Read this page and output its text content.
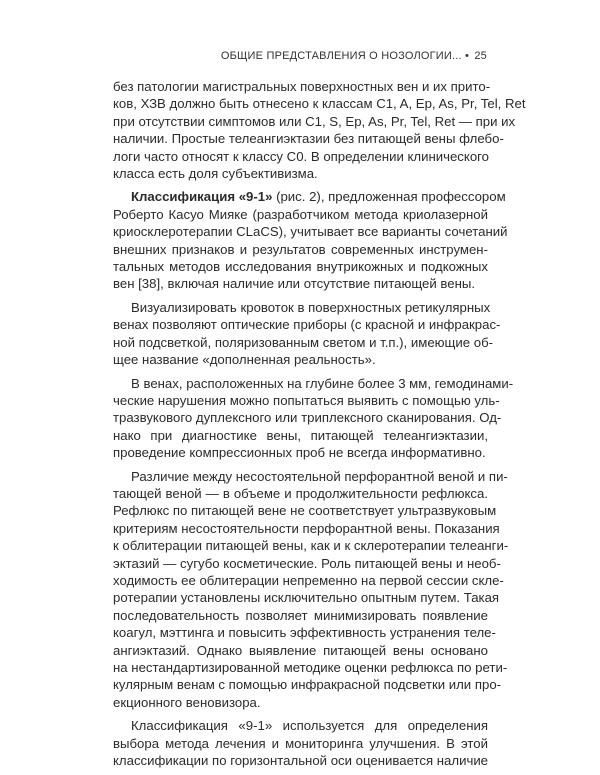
ОБЩИЕ ПРЕДСТАВЛЕНИЯ О НОЗОЛОГИИ... • 25
без патологии магистральных поверхностных вен и их прито-
ков, ХЗВ должно быть отнесено к классам C1, A, Ep, As, Pr, Tel, Ret
при отсутствии симптомов или C1, S, Ep, As, Pr, Tel, Ret — при их
наличии. Простые телеангиэктазии без питающей вены флебо-
логи часто относят к классу C0. В определении клинического
класса есть доля субъективизма.
Классификация «9-1» (рис. 2), предложенная профессором
Роберто Касуо Мияке (разработчиком метода криолазерной
криосклеротерапии CLaCS), учитывает все варианты сочетаний
внешних признаков и результатов современных инструмен-
тальных методов исследования внутрикожных и подкожных
вен [38], включая наличие или отсутствие питающей вены.
Визуализировать кровоток в поверхностных ретикулярных
венах позволяют оптические приборы (с красной и инфракрас-
ной подсветкой, поляризованным светом и т.п.), имеющие об-
щее название «дополненная реальность».
В венах, расположенных на глубине более 3 мм, гемодинами-
ческие нарушения можно попытаться выявить с помощью уль-
тразвукового дуплексного или триплексного сканирования. Од-
нако при диагностике вены, питающей телеангиэктазии,
проведение компрессионных проб не всегда информативно.
Различие между несостоятельной перфорантной веной и пи-
тающей веной — в объеме и продолжительности рефлюкса.
Рефлюкс по питающей вене не соответствует ультразвуковым
критериям несостоятельности перфорантной вены. Показания
к облитерации питающей вены, как и к склеротерапии телеанги-
эктазий — сугубо косметические. Роль питающей вены и необ-
ходимость ее облитерации непременно на первой сессии скле-
ротерапии установлены исключительно опытным путем. Такая
последовательность позволяет минимизировать появление
коагул, мэттинга и повысить эффективность устранения теле-
ангиэктазий. Однако выявление питающей вены основано
на нестандартизированной методике оценки рефлюкса по рети-
кулярным венам с помощью инфракрасной подсветки или про-
екционного веновизора.
Классификация «9-1» используется для определения
выбора метода лечения и мониторинга улучшения. В этой
классификации по горизонтальной оси оценивается наличие
